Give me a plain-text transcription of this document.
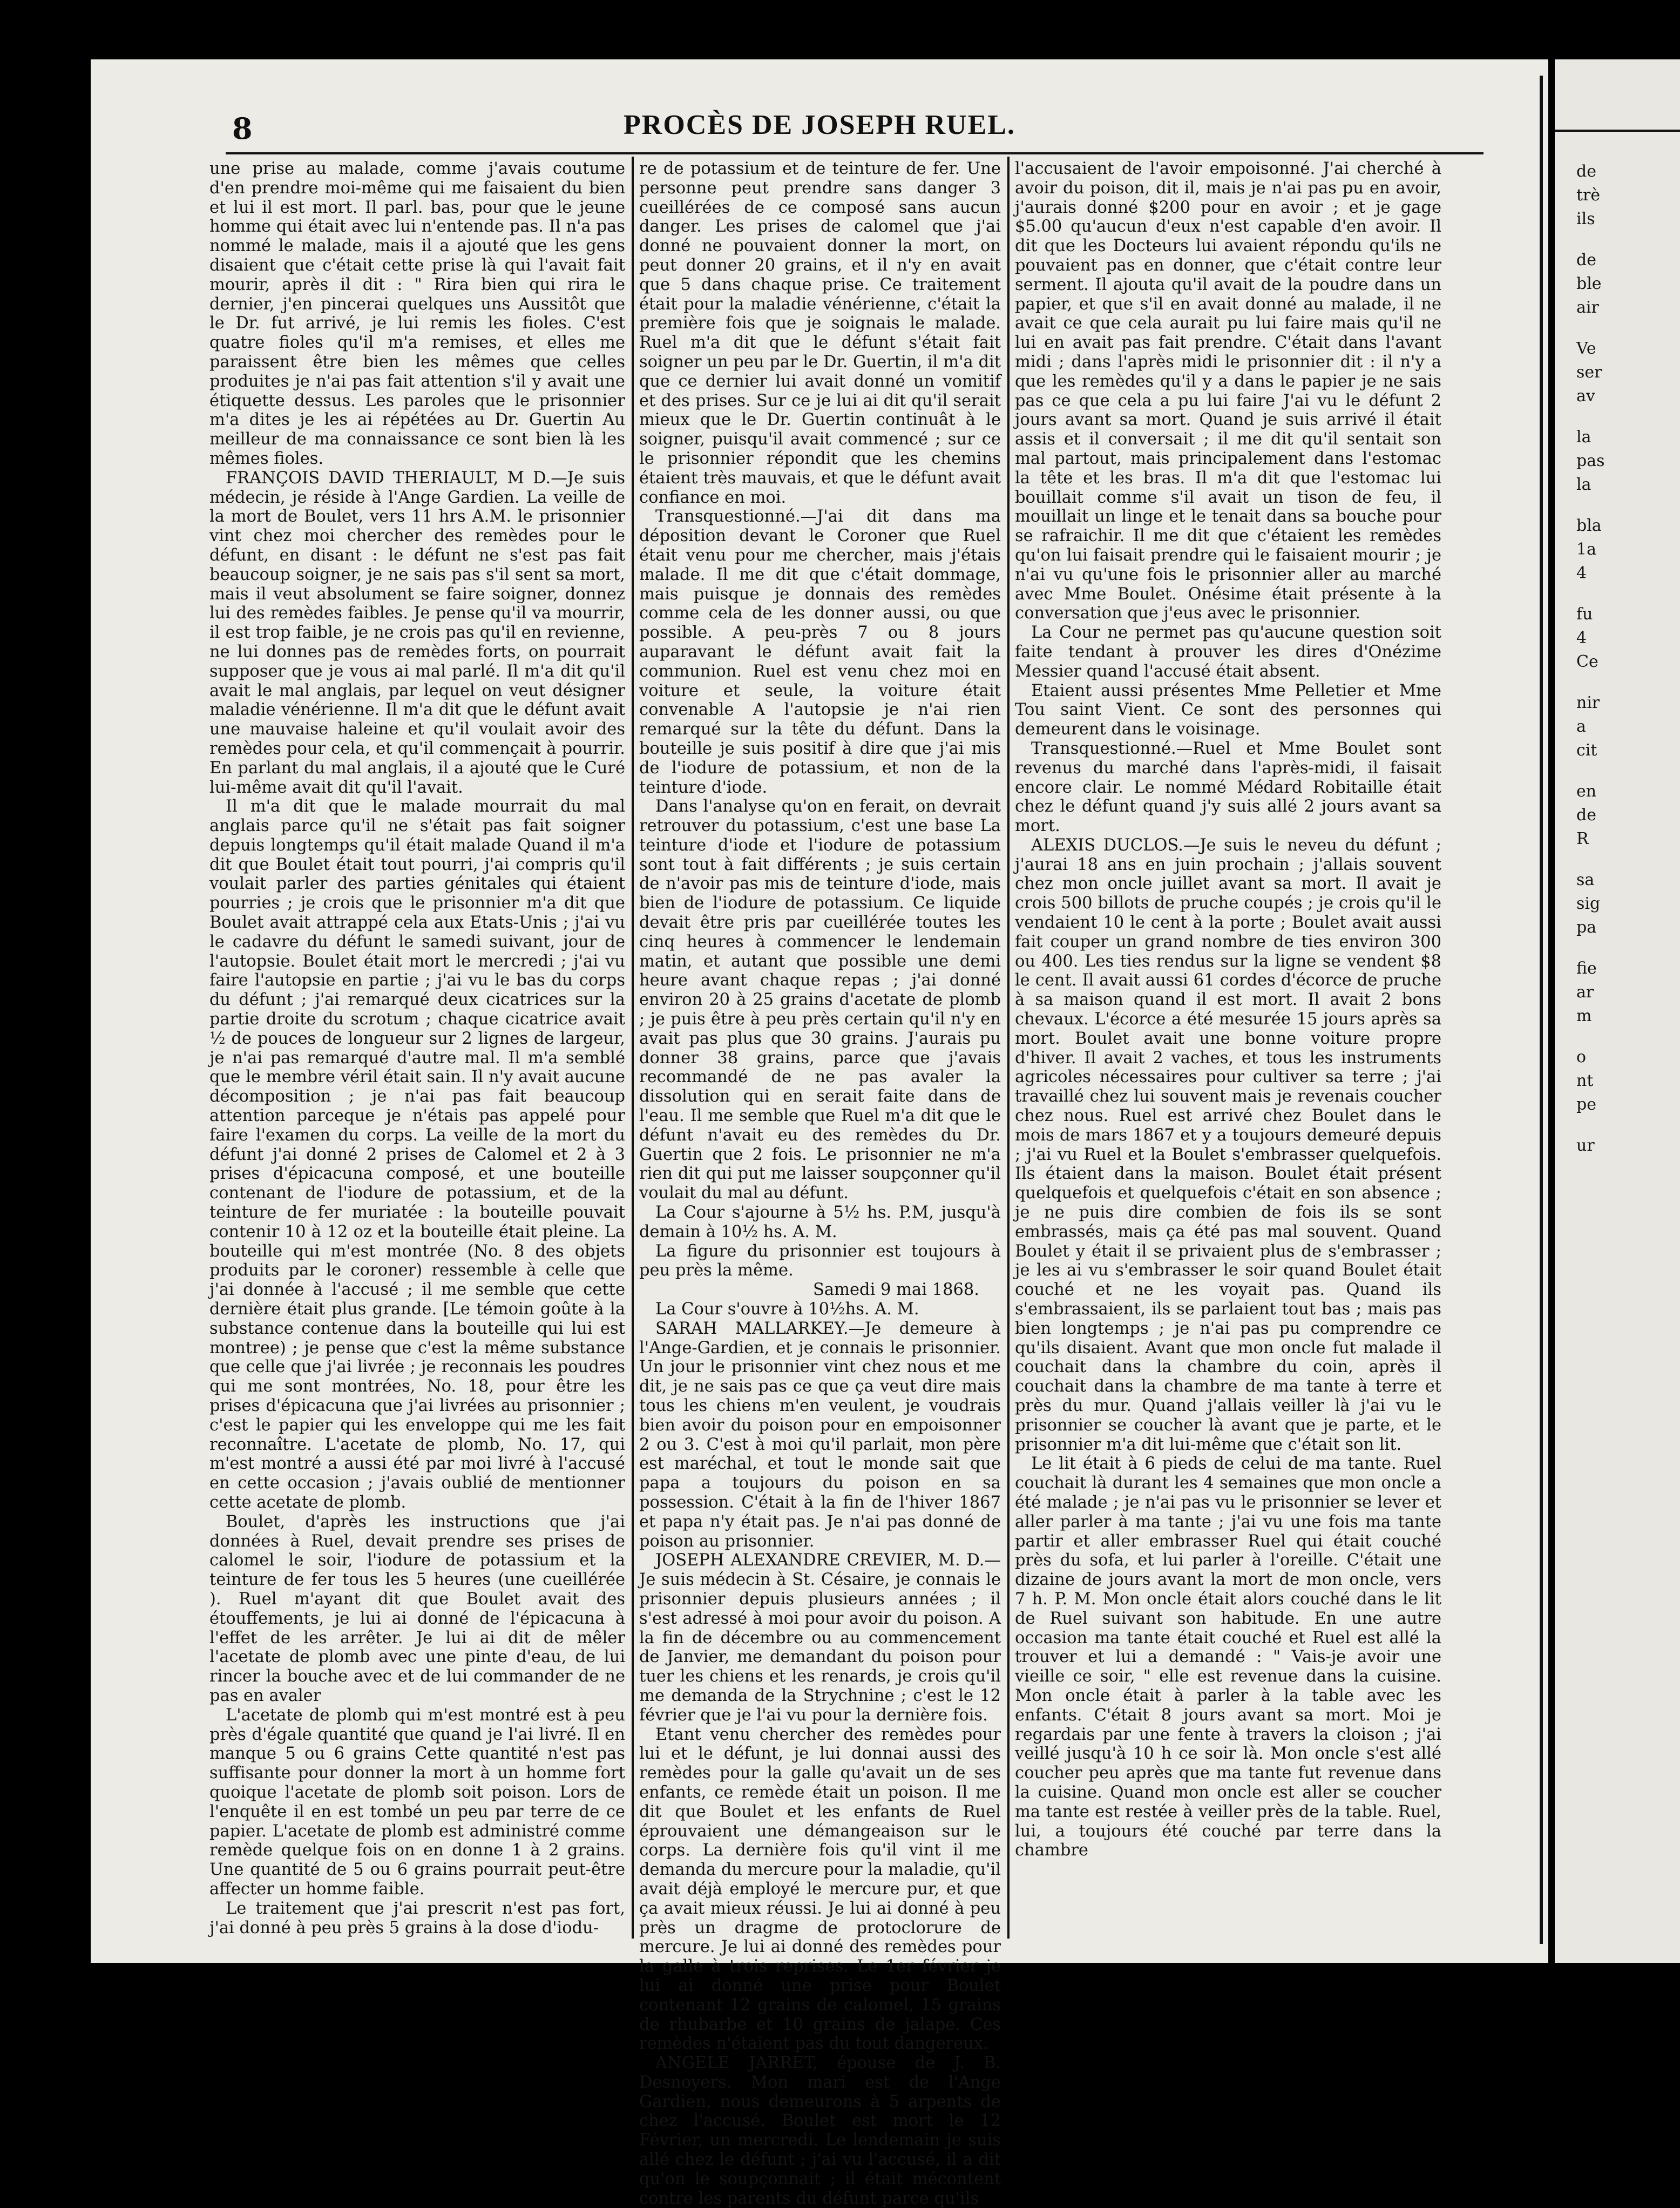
8	PROCÈS DE JOSEPH RUEL.

une prise au malade, comme j'avais coutume d'en prendre moi-même qui me faisaient du bien et lui il est mort. Il parl. bas, pour que le jeune homme qui était avec lui n'entende pas. Il n'a pas nommé le malade, mais il a ajouté que les gens disaient que c'était cette prise là qui l'avait fait mourir, après il dit : " Rira bien qui rira le dernier, j'en pincerai quelques uns Aussitôt que le Dr. fut arrivé, je lui remis les fioles. C'est quatre fioles qu'il m'a remises, et elles me paraissent être bien les mêmes que celles produites je n'ai pas fait attention s'il y avait une étiquette dessus. Les paroles que le prisonnier m'a dites je les ai répétées au Dr. Guertin Au meilleur de ma connaissance ce sont bien là les mêmes fioles.

FRANÇOIS DAVID THERIAULT, M D.—Je suis médecin, je réside à l'Ange Gardien. La veille de la mort de Boulet, vers 11 hrs A.M. le prisonnier vint chez moi chercher des remèdes pour le défunt, en disant : le défunt ne s'est pas fait beaucoup soigner, je ne sais pas s'il sent sa mort, mais il veut absolument se faire soigner, donnez lui des remèdes faibles. Je pense qu'il va mourrir, il est trop faible, je ne crois pas qu'il en revienne, ne lui donnes pas de remèdes forts, on pourrait supposer que je vous ai mal parlé. Il m'a dit qu'il avait le mal anglais, par lequel on veut désigner maladie vénérienne. Il m'a dit que le défunt avait une mauvaise haleine et qu'il voulait avoir des remèdes pour cela, et qu'il commençait à pourrir. En parlant du mal anglais, il a ajouté que le Curé lui-même avait dit qu'il l'avait.

Il m'a dit que le malade mourrait du mal anglais parce qu'il ne s'était pas fait soigner depuis longtemps qu'il était malade Quand il m'a dit que Boulet était tout pourri, j'ai compris qu'il voulait parler des parties génitales qui étaient pourries ; je crois que le prisonnier m'a dit que Boulet avait attrappé cela aux Etats-Unis ; j'ai vu le cadavre du défunt le samedi suivant, jour de l'autopsie. Boulet était mort le mercredi ; j'ai vu faire l'autopsie en partie ; j'ai vu le bas du corps du défunt ; j'ai remarqué deux cicatrices sur la partie droite du scrotum ; chaque cicatrice avait ½ de pouces de longueur sur 2 lignes de largeur, je n'ai pas remarqué d'autre mal. Il m'a semblé que le membre véril était sain. Il n'y avait aucune décomposition ; je n'ai pas fait beaucoup attention parceque je n'étais pas appelé pour faire l'examen du corps. La veille de la mort du défunt j'ai donné 2 prises de Calomel et 2 à 3 prises d'épicacuna composé, et une bouteille contenant de l'iodure de potassium, et de la teinture de fer muriatée : la bouteille pouvait contenir 10 à 12 oz et la bouteille était pleine. La bouteille qui m'est montrée (No. 8 des objets produits par le coroner) ressemble à celle que j'ai donnée à l'accusé ; il me semble que cette dernière était plus grande. [Le témoin goûte à la substance contenue dans la bouteille qui lui est montree) ; je pense que c'est la même substance que celle que j'ai livrée ; je reconnais les poudres qui me sont montrées, No. 18, pour être les prises d'épicacuna que j'ai livrées au prisonnier ; c'est le papier qui les enveloppe qui me les fait reconnaître. L'acetate de plomb, No. 17, qui m'est montré a aussi été par moi livré à l'accusé en cette occasion ; j'avais oublié de mentionner cette acetate de plomb.

Boulet, d'après les instructions que j'ai données à Ruel, devait prendre ses prises de calomel le soir, l'iodure de potassium et la teinture de fer tous les 5 heures (une cueillérée ). Ruel m'ayant dit que Boulet avait des étouffements, je lui ai donné de l'épicacuna à l'effet de les arrêter. Je lui ai dit de mêler l'acetate de plomb avec une pinte d'eau, de lui rincer la bouche avec et de lui commander de ne pas en avaler

L'acetate de plomb qui m'est montré est à peu près d'égale quantité que quand je l'ai livré. Il en manque 5 ou 6 grains Cette quantité n'est pas suffisante pour donner la mort à un homme fort quoique l'acetate de plomb soit poison. Lors de l'enquête il en est tombé un peu par terre de ce papier. L'acetate de plomb est administré comme remède quelque fois on en donne 1 à 2 grains. Une quantité de 5 ou 6 grains pourrait peut-être affecter un homme faible.

Le traitement que j'ai prescrit n'est pas fort, j'ai donné à peu près 5 grains à la dose d'iodu-

re de potassium et de teinture de fer. Une personne peut prendre sans danger 3 cueillérées de ce composé sans aucun danger. Les prises de calomel que j'ai donné ne pouvaient donner la mort, on peut donner 20 grains, et il n'y en avait que 5 dans chaque prise. Ce traitement était pour la maladie vénérienne, c'était la première fois que je soignais le malade. Ruel m'a dit que le défunt s'était fait soigner un peu par le Dr. Guertin, il m'a dit que ce dernier lui avait donné un vomitif et des prises. Sur ce je lui ai dit qu'il serait mieux que le Dr. Guertin continuât à le soigner, puisqu'il avait commencé ; sur ce le prisonnier répondit que les chemins étaient très mauvais, et que le défunt avait confiance en moi.

Transquestionné.—J'ai dit dans ma déposition devant le Coroner que Ruel était venu pour me chercher, mais j'étais malade. Il me dit que c'était dommage, mais puisque je donnais des remèdes comme cela de les donner aussi, ou que possible. A peu-près 7 ou 8 jours auparavant le défunt avait fait la communion. Ruel est venu chez moi en voiture et seule, la voiture était convenable A l'autopsie je n'ai rien remarqué sur la tête du défunt. Dans la bouteille je suis positif à dire que j'ai mis de l'iodure de potassium, et non de la teinture d'iode.

Dans l'analyse qu'on en ferait, on devrait retrouver du potassium, c'est une base La teinture d'iode et l'iodure de potassium sont tout à fait différents ; je suis certain de n'avoir pas mis de teinture d'iode, mais bien de l'iodure de potassium. Ce liquide devait être pris par cueillérée toutes les cinq heures à commencer le lendemain matin, et autant que possible une demi heure avant chaque repas ; j'ai donné environ 20 à 25 grains d'acetate de plomb ; je puis être à peu près certain qu'il n'y en avait pas plus que 30 grains. J'aurais pu donner 38 grains, parce que j'avais recommandé de ne pas avaler la dissolution qui en serait faite dans de l'eau. Il me semble que Ruel m'a dit que le défunt n'avait eu des remèdes du Dr. Guertin que 2 fois. Le prisonnier ne m'a rien dit qui put me laisser soupçonner qu'il voulait du mal au défunt.

La Cour s'ajourne à 5½ hs. P.M, jusqu'à demain à 10½ hs. A. M.

La figure du prisonnier est toujours à peu près la même.

Samedi 9 mai 1868.

La Cour s'ouvre à 10½hs. A. M.

SARAH MALLARKEY.—Je demeure à l'Ange-Gardien, et je connais le prisonnier. Un jour le prisonnier vint chez nous et me dit, je ne sais pas ce que ça veut dire mais tous les chiens m'en veulent, je voudrais bien avoir du poison pour en empoisonner 2 ou 3. C'est à moi qu'il parlait, mon père est maréchal, et tout le monde sait que papa a toujours du poison en sa possession. C'était à la fin de l'hiver 1867 et papa n'y était pas. Je n'ai pas donné de poison au prisonnier.

JOSEPH ALEXANDRE CREVIER, M. D.—Je suis médecin à St. Césaire, je connais le prisonnier depuis plusieurs années ; il s'est adressé à moi pour avoir du poison. A la fin de décembre ou au commencement de Janvier, me demandant du poison pour tuer les chiens et les renards, je crois qu'il me demanda de la Strychnine ; c'est le 12 février que je l'ai vu pour la dernière fois.

Etant venu chercher des remèdes pour lui et le défunt, je lui donnai aussi des remèdes pour la galle qu'avait un de ses enfants, ce remède était un poison. Il me dit que Boulet et les enfants de Ruel éprouvaient une démangeaison sur le corps. La dernière fois qu'il vint il me demanda du mercure pour la maladie, qu'il avait déjà employé le mercure pur, et que ça avait mieux réussi. Je lui ai donné à peu près un dragme de protoclorure de mercure. Je lui ai donné des remèdes pour la galle à trois reprises. Le 1er février je lui ai donné une prise pour Boulet contenant 12 grains de calomel, 15 grains de rhubarbe et 10 grains de jalape. Ces remèdes n'étaient pas du tout dangereux.

ANGELE JARRET, épouse de J. B. Desnoyers. Mon mari est de l'Ange Gardien, nous demeurons à 5 arpents de chez l'accusé. Boulet est mort le 12 Février, un mercredi. Le lendemain je suis allé chez le défunt ; j'ai vu l'accusé, il a dit qu'on le soupçonnait ; il était mécontent contre les parents du défunt parce qu'ils

l'accusaient de l'avoir empoisonné. J'ai cherché à avoir du poison, dit il, mais je n'ai pas pu en avoir, j'aurais donné $200 pour en avoir ; et je gage $5.00 qu'aucun d'eux n'est capable d'en avoir. Il dit que les Docteurs lui avaient répondu qu'ils ne pouvaient pas en donner, que c'était contre leur serment. Il ajouta qu'il avait de la poudre dans un papier, et que s'il en avait donné au malade, il ne avait ce que cela aurait pu lui faire mais qu'il ne lui en avait pas fait prendre. C'était dans l'avant midi ; dans l'après midi le prisonnier dit : il n'y a que les remèdes qu'il y a dans le papier je ne sais pas ce que cela a pu lui faire J'ai vu le défunt 2 jours avant sa mort. Quand je suis arrivé il était assis et il conversait ; il me dit qu'il sentait son mal partout, mais principalement dans l'estomac la tête et les bras. Il m'a dit que l'estomac lui bouillait comme s'il avait un tison de feu, il mouillait un linge et le tenait dans sa bouche pour se rafraichir. Il me dit que c'étaient les remèdes qu'on lui faisait prendre qui le faisaient mourir ; je n'ai vu qu'une fois le prisonnier aller au marché avec Mme Boulet. Onésime était présente à la conversation que j'eus avec le prisonnier.

La Cour ne permet pas qu'aucune question soit faite tendant à prouver les dires d'Onézime Messier quand l'accusé était absent.

Etaient aussi présentes Mme Pelletier et Mme Tou saint Vient. Ce sont des personnes qui demeurent dans le voisinage.

Transquestionné.—Ruel et Mme Boulet sont revenus du marché dans l'après-midi, il faisait encore clair. Le nommé Médard Robitaille était chez le défunt quand j'y suis allé 2 jours avant sa mort.

ALEXIS DUCLOS.—Je suis le neveu du défunt ; j'aurai 18 ans en juin prochain ; j'allais souvent chez mon oncle juillet avant sa mort. Il avait je crois 500 billots de pruche coupés ; je crois qu'il le vendaient 10 le cent à la porte ; Boulet avait aussi fait couper un grand nombre de ties environ 300 ou 400. Les ties rendus sur la ligne se vendent $8 le cent. Il avait aussi 61 cordes d'écorce de pruche à sa maison quand il est mort. Il avait 2 bons chevaux. L'écorce a été mesurée 15 jours après sa mort. Boulet avait une bonne voiture propre d'hiver. Il avait 2 vaches, et tous les instruments agricoles nécessaires pour cultiver sa terre ; j'ai travaillé chez lui souvent mais je revenais coucher chez nous. Ruel est arrivé chez Boulet dans le mois de mars 1867 et y a toujours demeuré depuis ; j'ai vu Ruel et la Boulet s'embrasser quelquefois. Ils étaient dans la maison. Boulet était présent quelquefois et quelquefois c'était en son absence ; je ne puis dire combien de fois ils se sont embrassés, mais ça été pas mal souvent. Quand Boulet y était il se privaient plus de s'embrasser ; je les ai vu s'embrasser le soir quand Boulet était couché et ne les voyait pas. Quand ils s'embrassaient, ils se parlaient tout bas ; mais pas bien longtemps ; je n'ai pas pu comprendre ce qu'ils disaient. Avant que mon oncle fut malade il couchait dans la chambre du coin, après il couchait dans la chambre de ma tante à terre et près du mur. Quand j'allais veiller là j'ai vu le prisonnier se coucher là avant que je parte, et le prisonnier m'a dit lui-même que c'était son lit.

Le lit était à 6 pieds de celui de ma tante. Ruel couchait là durant les 4 semaines que mon oncle a été malade ; je n'ai pas vu le prisonnier se lever et aller parler à ma tante ; j'ai vu une fois ma tante partir et aller embrasser Ruel qui était couché près du sofa, et lui parler à l'oreille. C'était une dizaine de jours avant la mort de mon oncle, vers 7 h. P. M. Mon oncle était alors couché dans le lit de Ruel suivant son habitude. En une autre occasion ma tante était couché et Ruel est allé la trouver et lui a demandé : " Vais-je avoir une vieille ce soir, " elle est revenue dans la cuisine. Mon oncle était à parler à la table avec les enfants. C'était 8 jours avant sa mort. Moi je regardais par une fente à travers la cloison ; j'ai veillé jusqu'à 10 h ce soir là. Mon oncle s'est allé coucher peu après que ma tante fut revenue dans la cuisine. Quand mon oncle est aller se coucher ma tante est restée à veiller près de la table. Ruel, lui, a toujours été couché par terre dans la chambre

de
trè
ils
de
ble
air
Ve
ser
av
la
pas
la
bla
1a
4
fu
4
Ce
nir
a
cit
en
de
R
sa
sig
pa
fie
ar
m
o
nt
pe
ur
